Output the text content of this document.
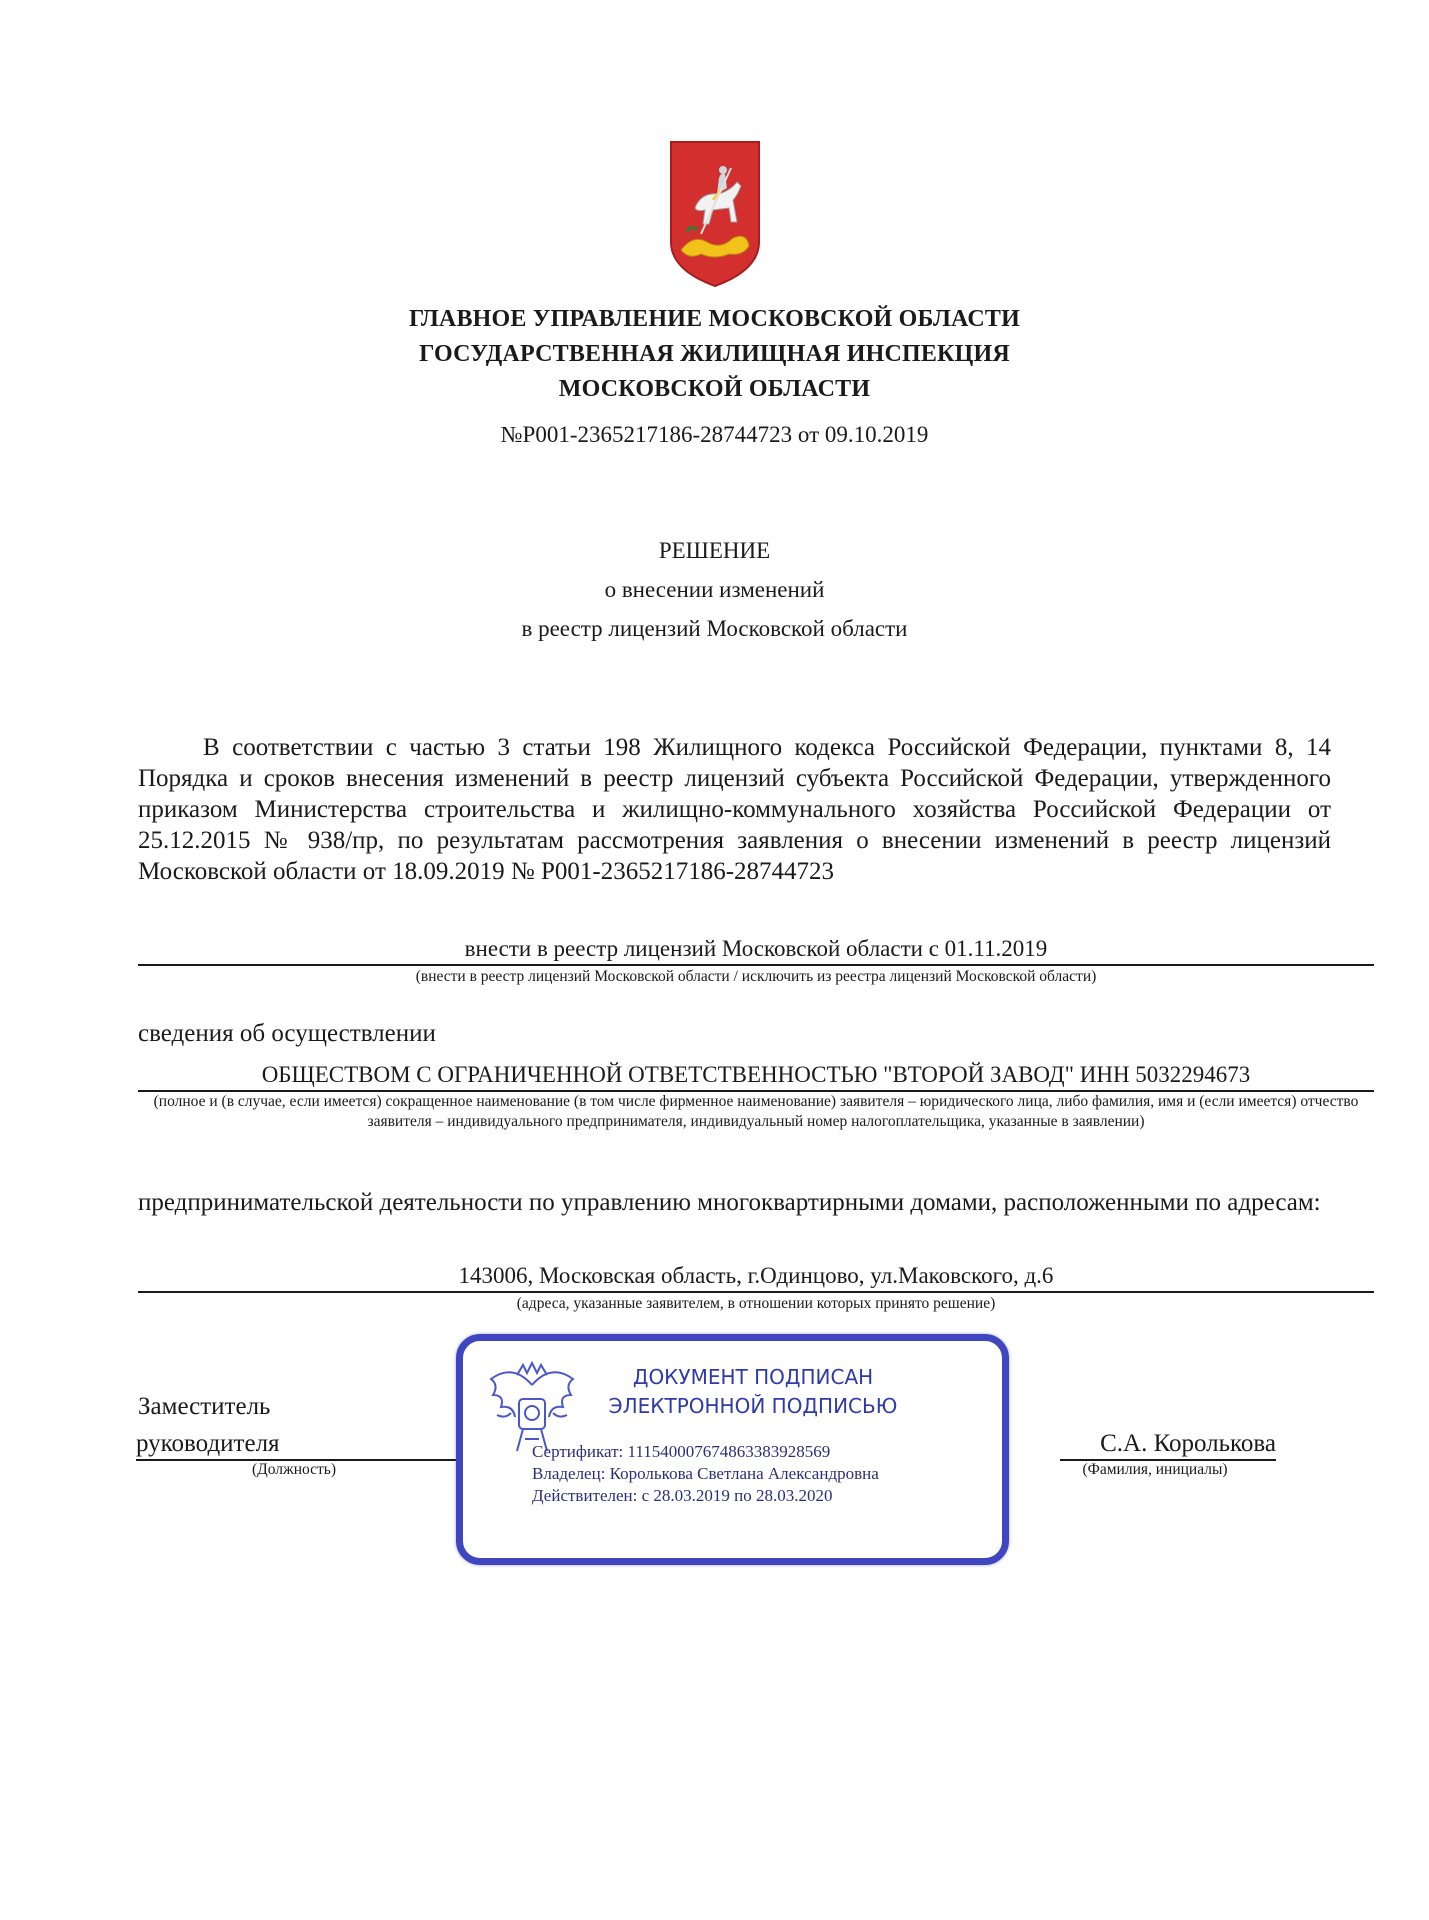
ГЛАВНОЕ УПРАВЛЕНИЕ МОСКОВСКОЙ ОБЛАСТИ
ГОСУДАРСТВЕННАЯ ЖИЛИЩНАЯ ИНСПЕКЦИЯ
МОСКОВСКОЙ ОБЛАСТИ
№Р001-2365217186-28744723 от 09.10.2019
РЕШЕНИЕ
о внесении изменений
в реестр лицензий Московской области
В соответствии с частью 3 статьи 198 Жилищного кодекса Российской Федерации, пунктами 8, 14 Порядка и сроков внесения изменений в реестр лицензий субъекта Российской Федерации, утвержденного приказом Министерства строительства и жилищно-коммунального хозяйства Российской Федерации от 25.12.2015 № 938/пр, по результатам рассмотрения заявления о внесении изменений в реестр лицензий Московской области от 18.09.2019 № Р001-2365217186-28744723
внести в реестр лицензий Московской области с 01.11.2019
(внести в реестр лицензий Московской области / исключить из реестра лицензий Московской области)
сведения об осуществлении
ОБЩЕСТВОМ С ОГРАНИЧЕННОЙ ОТВЕТСТВЕННОСТЬЮ "ВТОРОЙ ЗАВОД" ИНН 5032294673
(полное и (в случае, если имеется) сокращенное наименование (в том числе фирменное наименование) заявителя – юридического лица, либо фамилия, имя и (если имеется) отчество заявителя – индивидуального предпринимателя, индивидуальный номер налогоплательщика, указанные в заявлении)
предпринимательской деятельности по управлению многоквартирными домами, расположенными по адресам:
143006, Московская область, г.Одинцово, ул.Маковского, д.6
(адреса, указанные заявителем, в отношении которых принято решение)
Заместитель
руководителя
(Должность)
С.А. Королькова
(Фамилия, инициалы)
ДОКУМЕНТ ПОДПИСАН
ЭЛЕКТРОННОЙ ПОДПИСЬЮ
Сертификат: 111540007674863383928569
Владелец: Королькова Светлана Александровна
Действителен: с 28.03.2019 по 28.03.2020
